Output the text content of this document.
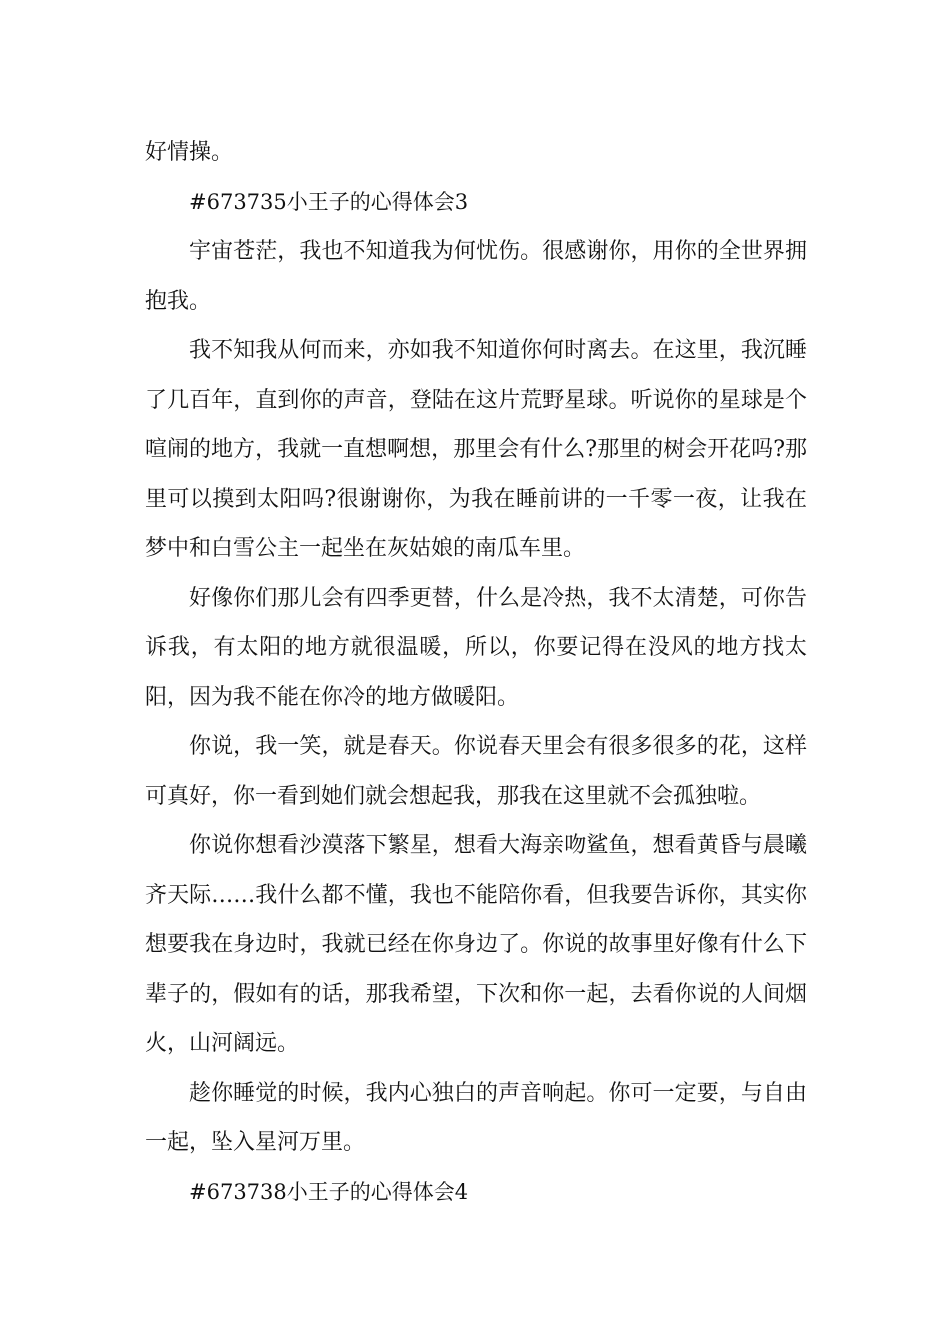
好情操。

#673735小王子的心得体会3

宇宙苍茫，我也不知道我为何忧伤。很感谢你，用你的全世界拥抱我。

我不知我从何而来，亦如我不知道你何时离去。在这里，我沉睡了几百年，直到你的声音，登陆在这片荒野星球。听说你的星球是个喧闹的地方，我就一直想啊想，那里会有什么?那里的树会开花吗?那里可以摸到太阳吗?很谢谢你，为我在睡前讲的一千零一夜，让我在梦中和白雪公主一起坐在灰姑娘的南瓜车里。

好像你们那儿会有四季更替，什么是冷热，我不太清楚，可你告诉我，有太阳的地方就很温暖，所以，你要记得在没风的地方找太阳，因为我不能在你冷的地方做暖阳。

你说，我一笑，就是春天。你说春天里会有很多很多的花，这样可真好，你一看到她们就会想起我，那我在这里就不会孤独啦。

你说你想看沙漠落下繁星，想看大海亲吻鲨鱼，想看黄昏与晨曦齐天际……我什么都不懂，我也不能陪你看，但我要告诉你，其实你想要我在身边时，我就已经在你身边了。你说的故事里好像有什么下辈子的，假如有的话，那我希望，下次和你一起，去看你说的人间烟火，山河阔远。

趁你睡觉的时候，我内心独白的声音响起。你可一定要，与自由一起，坠入星河万里。

#673738小王子的心得体会4
